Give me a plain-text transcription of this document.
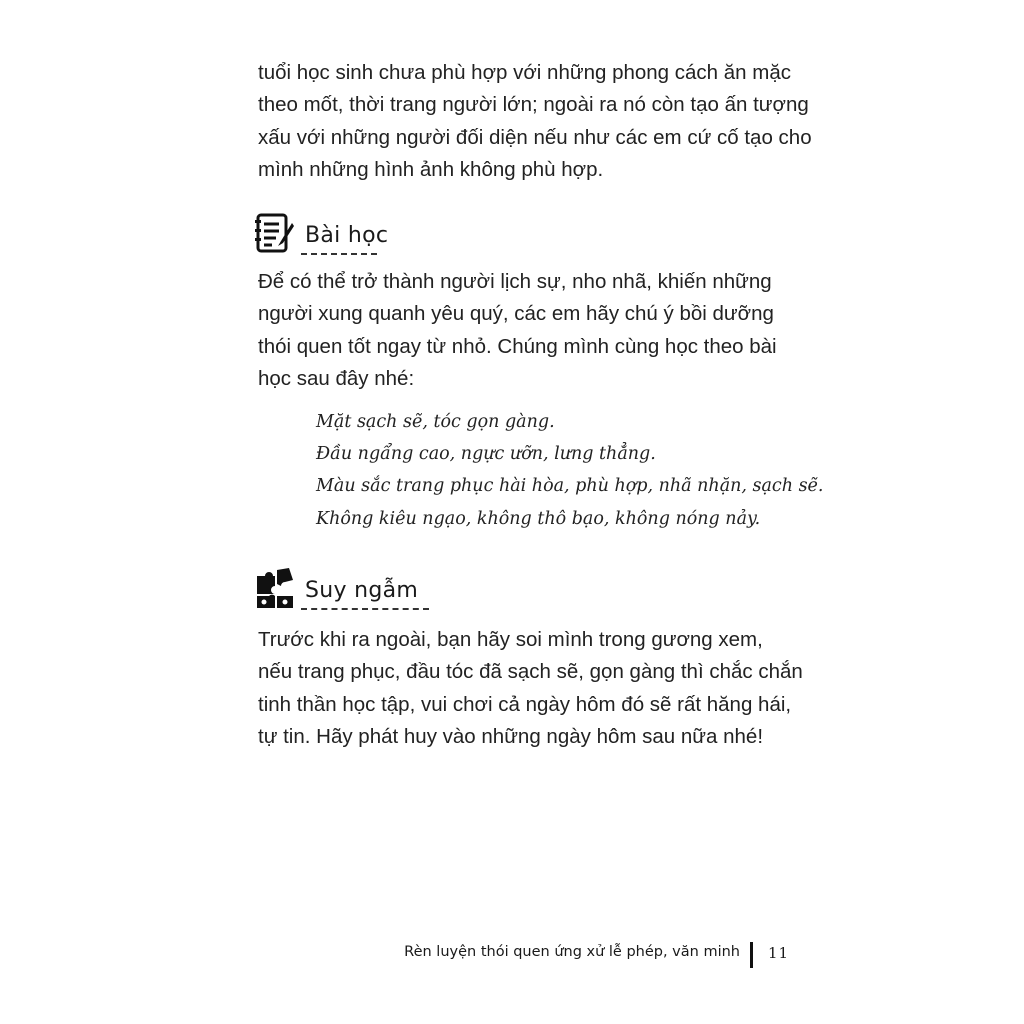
tuổi học sinh chưa phù hợp với những phong cách ăn mặc
theo mốt, thời trang người lớn; ngoài ra nó còn tạo ấn tượng
xấu với những người đối diện nếu như các em cứ cố tạo cho
mình những hình ảnh không phù hợp.

Bài học

Để có thể trở thành người lịch sự, nho nhã, khiến những
người xung quanh yêu quý, các em hãy chú ý bồi dưỡng
thói quen tốt ngay từ nhỏ. Chúng mình cùng học theo bài
học sau đây nhé:

Mặt sạch sẽ, tóc gọn gàng.
Đầu ngẩng cao, ngực ưỡn, lưng thẳng.
Màu sắc trang phục hài hòa, phù hợp, nhã nhặn, sạch sẽ.
Không kiêu ngạo, không thô bạo, không nóng nảy.
Suy ngẫm

Trước khi ra ngoài, bạn hãy soi mình trong gương xem,
nếu trang phục, đầu tóc đã sạch sẽ, gọn gàng thì chắc chắn
tinh thần học tập, vui chơi cả ngày hôm đó sẽ rất hăng hái,
tự tin. Hãy phát huy vào những ngày hôm sau nữa nhé!

Rèn luyện thói quen ứng xử lễ phép, văn minh 11
